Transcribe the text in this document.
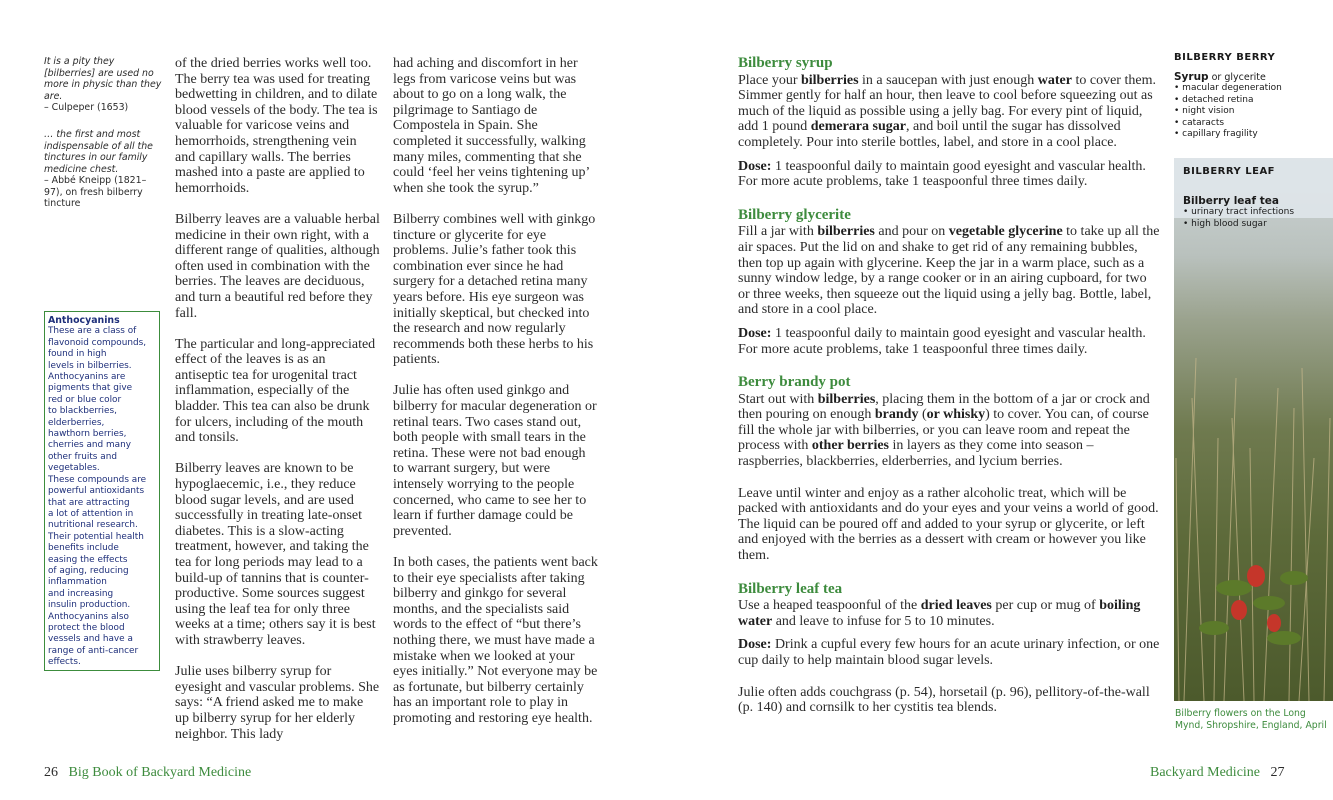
It is a pity they [bilberries] are used no more in physic than they are.
– Culpeper (1653)
… the first and most indispensable of all the tinctures in our family medicine chest.
– Abbé Kneipp (1821–97), on fresh bilberry tincture
Anthocyanins
These are a class of
flavonoid compounds,
found in high
levels in bilberries.
Anthocyanins are
pigments that give
red or blue color
to blackberries,
elderberries,
hawthorn berries,
cherries and many
other fruits and
vegetables.
These compounds are
powerful antioxidants
that are attracting
a lot of attention in
nutritional research.
Their potential health
benefits include
easing the effects
of aging, reducing
inflammation
and increasing
insulin production.
Anthocyanins also
protect the blood
vessels and have a
range of anti-cancer
effects.

of the dried berries works well too. The berry tea was used for treating bedwetting in children, and to dilate blood vessels of the body. The tea is valuable for varicose veins and hemorrhoids, strengthening vein and capillary walls. The berries mashed into a paste are applied to hemorrhoids.

Bilberry leaves are a valuable herbal medicine in their own right, with a different range of qualities, although often used in combination with the berries. The leaves are deciduous, and turn a beautiful red before they fall.

The particular and long-appreciated effect of the leaves is as an antiseptic tea for urogenital tract inflammation, especially of the bladder. This tea can also be drunk for ulcers, including of the mouth and tonsils.

Bilberry leaves are known to be hypoglaecemic, i.e., they reduce blood sugar levels, and are used successfully in treating late-onset diabetes. This is a slow-acting treatment, however, and taking the tea for long periods may lead to a build-up of tannins that is counter-productive. Some sources suggest using the leaf tea for only three weeks at a time; others say it is best with strawberry leaves.

Julie uses bilberry syrup for eyesight and vascular problems. She says: “A friend asked me to make up bilberry syrup for her elderly neighbor. This lady

had aching and discomfort in her legs from varicose veins but was about to go on a long walk, the pilgrimage to Santiago de Compostela in Spain. She completed it successfully, walking many miles, commenting that she could ‘feel her veins tightening up’ when she took the syrup.”

Bilberry combines well with ginkgo tincture or glycerite for eye problems. Julie’s father took this combination ever since he had surgery for a detached retina many years before. His eye surgeon was initially skeptical, but checked into the research and now regularly recommends both these herbs to his patients.

Julie has often used ginkgo and bilberry for macular degeneration or retinal tears. Two cases stand out, both people with small tears in the retina. These were not bad enough to warrant surgery, but were intensely worrying to the people concerned, who came to see her to learn if further damage could be prevented.

In both cases, the patients went back to their eye specialists after taking bilberry and ginkgo for several months, and the specialists said words to the effect of “but there’s nothing there, we must have made a mistake when we looked at your eyes initially.” Not everyone may be as fortunate, but bilberry certainly has an important role to play in promoting and restoring eye health.

26 Big Book of Backyard Medicine
Bilberry syrup

Place your bilberries in a saucepan with just enough water to cover them. Simmer gently for half an hour, then leave to cool before squeezing out as much of the liquid as possible using a jelly bag. For every pint of liquid, add 1 pound demerara sugar, and boil until the sugar has dissolved completely. Pour into sterile bottles, label, and store in a cool place.

Dose: 1 teaspoonful daily to maintain good eyesight and vascular health. For more acute problems, take 1 teaspoonful three times daily.

Bilberry glycerite

Fill a jar with bilberries and pour on vegetable glycerine to take up all the air spaces. Put the lid on and shake to get rid of any remaining bubbles, then top up again with glycerine. Keep the jar in a warm place, such as a sunny window ledge, by a range cooker or in an airing cupboard, for two or three weeks, then squeeze out the liquid using a jelly bag. Bottle, label, and store in a cool place.

Dose: 1 teaspoonful daily to maintain good eyesight and vascular health. For more acute problems, take 1 teaspoonful three times daily.

Berry brandy pot

Start out with bilberries, placing them in the bottom of a jar or crock and then pouring on enough brandy (or whisky) to cover. You can, of course fill the whole jar with bilberries, or you can leave room and repeat the process with other berries in layers as they come into season – raspberries, blackberries, elderberries, and lycium berries.

Leave until winter and enjoy as a rather alcoholic treat, which will be packed with antioxidants and do your eyes and your veins a world of good. The liquid can be poured off and added to your syrup or glycerite, or left and enjoyed with the berries as a dessert with cream or however you like them.

Bilberry leaf tea

Use a heaped teaspoonful of the dried leaves per cup or mug of boiling water and leave to infuse for 5 to 10 minutes.

Dose: Drink a cupful every few hours for an acute urinary infection, or one cup daily to help maintain blood sugar levels.

Julie often adds couchgrass (p. 54), horsetail (p. 96), pellitory-of-the-wall (p. 140) and cornsilk to her cystitis tea blends.

BILBERRY BERRY
Syrup or glycerite
• macular degeneration
• detached retina
• night vision
• cataracts
• capillary fragility
BILBERRY LEAF
Bilberry leaf tea
• urinary tract infections
• high blood sugar
Bilberry flowers on the Long Mynd, Shropshire, England, April
Backyard Medicine 27
